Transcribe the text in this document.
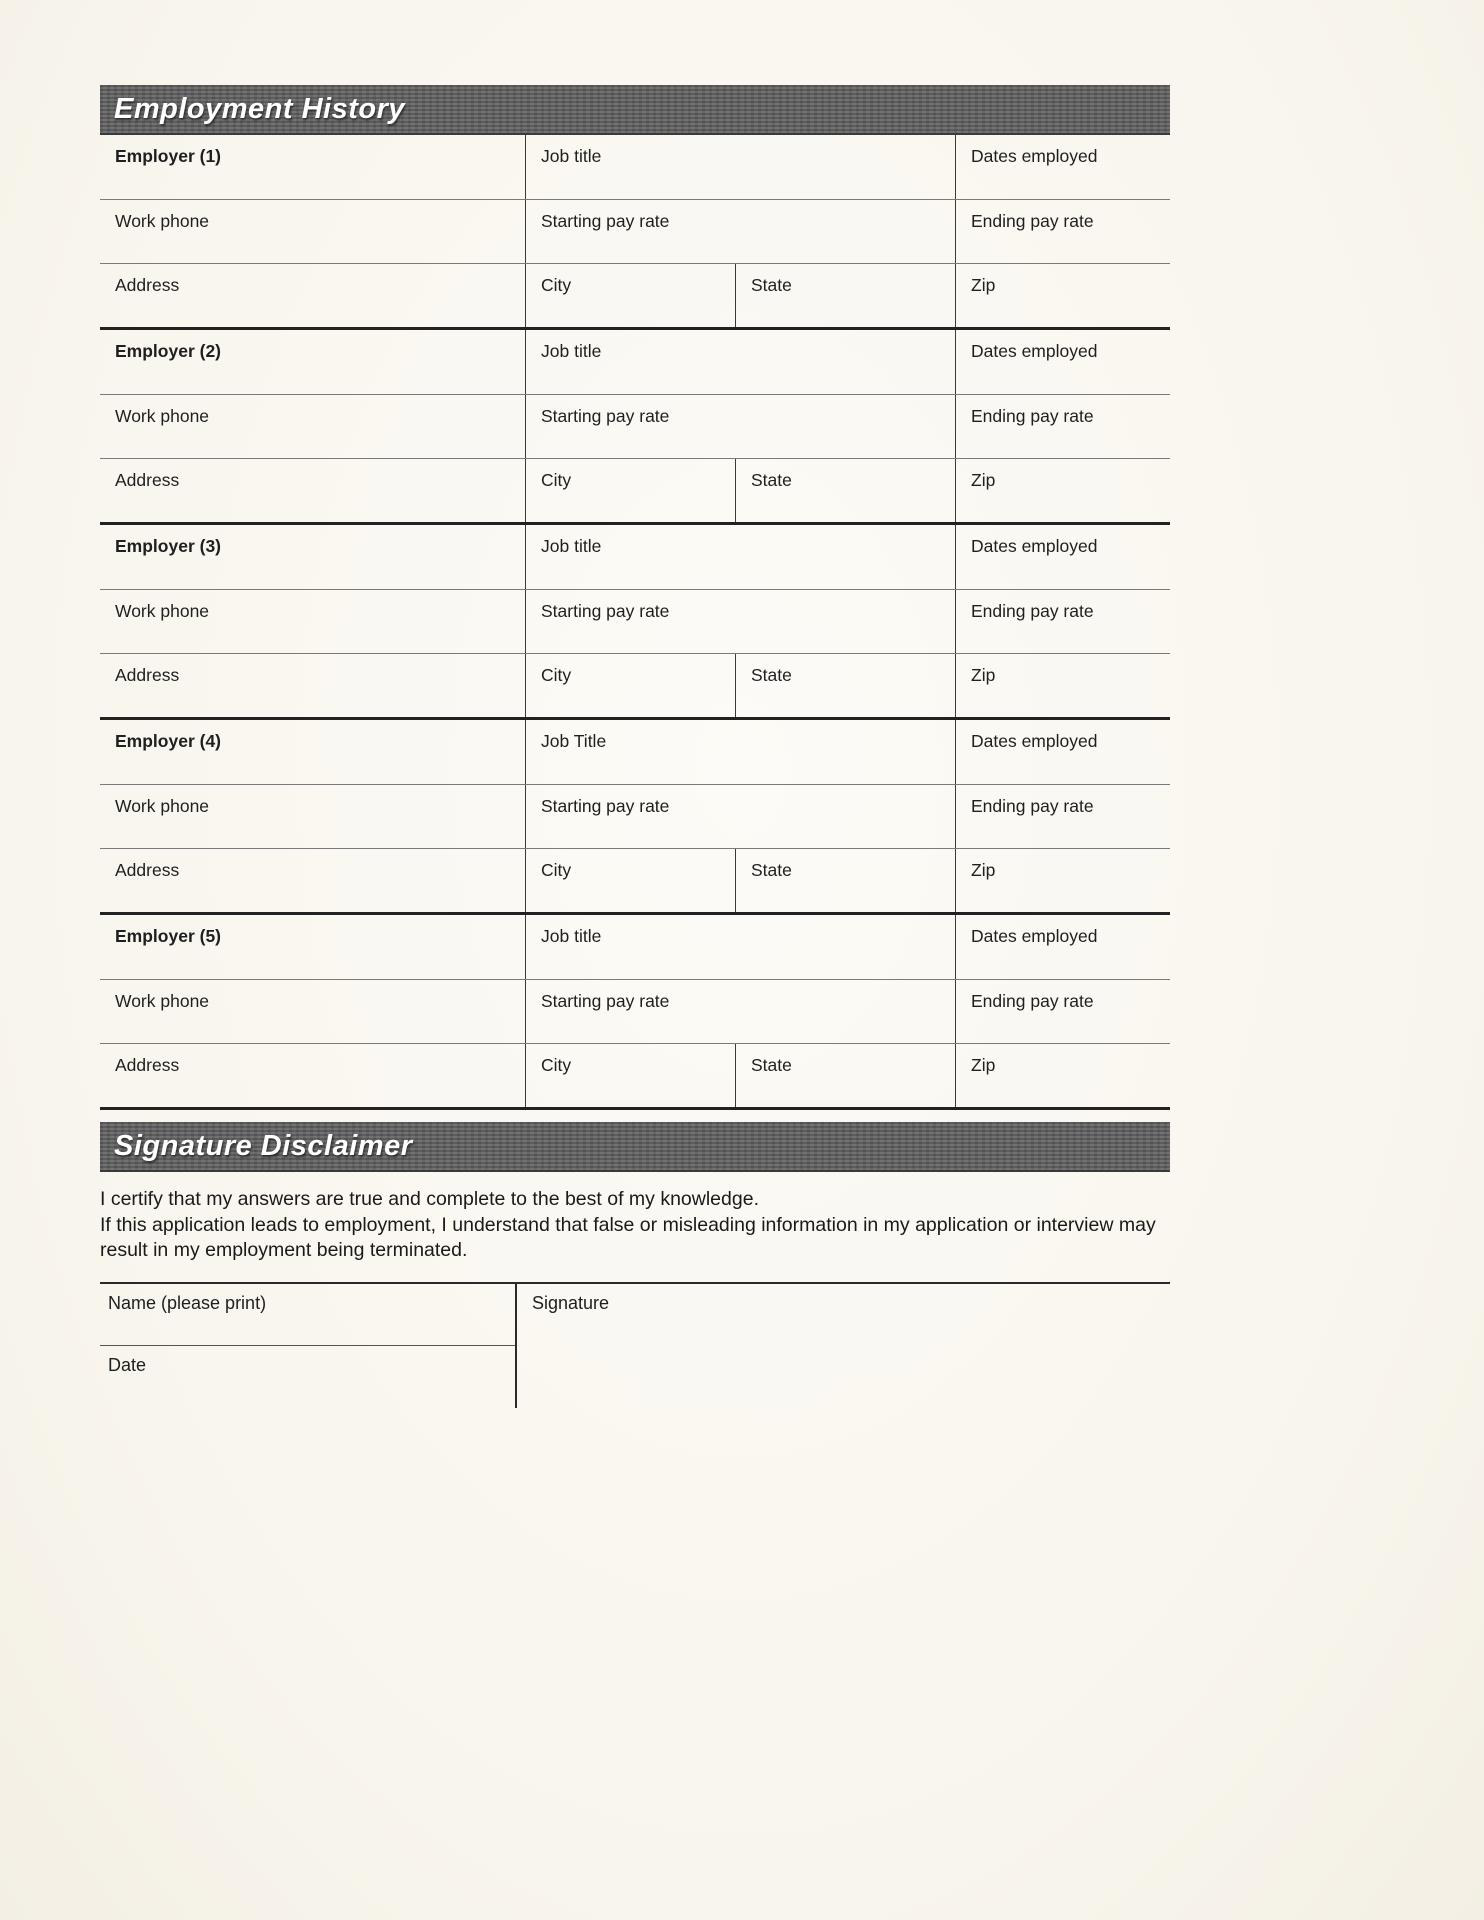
Employment History
Employer (1)	Job title	Dates employed
Work phone	Starting pay rate	Ending pay rate
Address	City	State	Zip
Employer (2)	Job title	Dates employed
Work phone	Starting pay rate	Ending pay rate
Address	City	State	Zip
Employer (3)	Job title	Dates employed
Work phone	Starting pay rate	Ending pay rate
Address	City	State	Zip
Employer (4)	Job Title	Dates employed
Work phone	Starting pay rate	Ending pay rate
Address	City	State	Zip
Employer (5)	Job title	Dates employed
Work phone	Starting pay rate	Ending pay rate
Address	City	State	Zip
Signature Disclaimer

I certify that my answers are true and complete to the best of my knowledge.

If this application leads to employment, I understand that false or misleading information in my application or interview may result in my employment being terminated.

Name (please print)
Date
Signature
